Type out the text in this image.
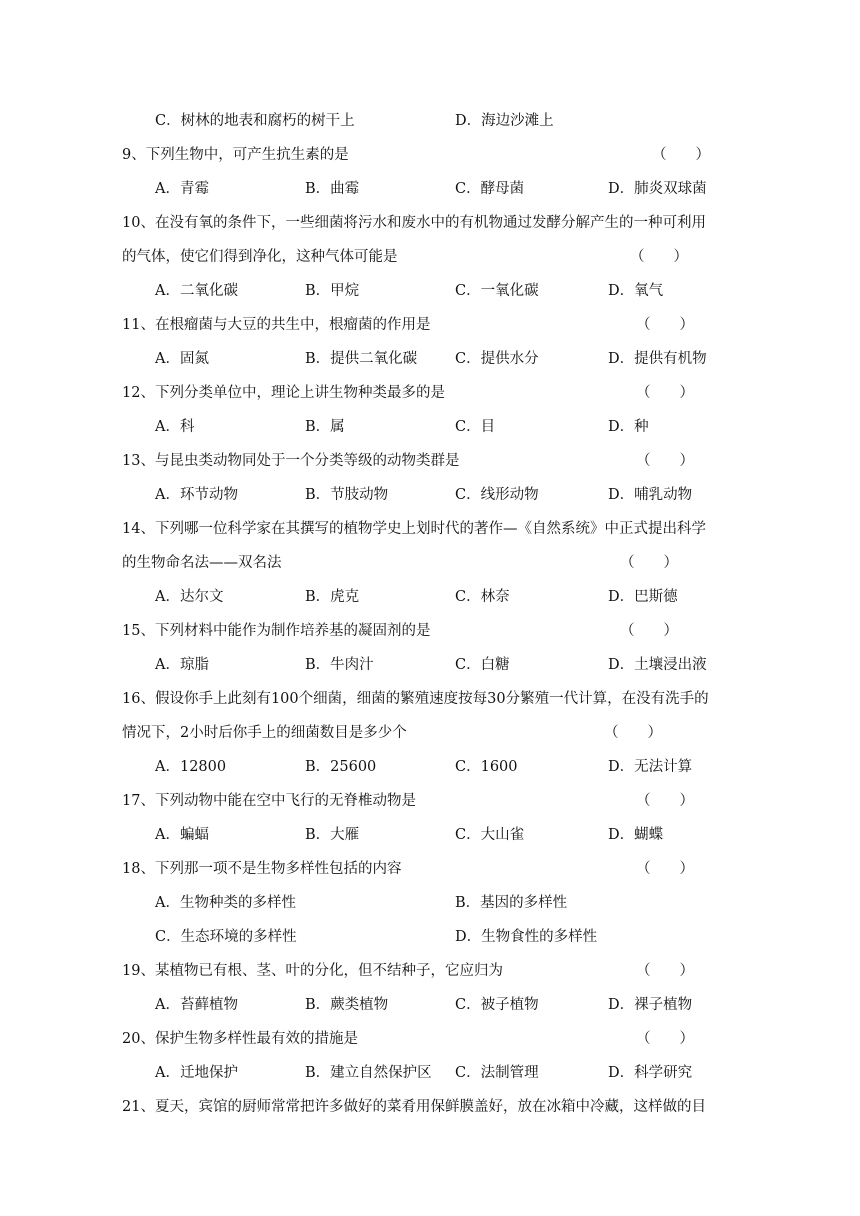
C．树林的地表和腐朽的树干上	D．海边沙滩上
9、下列生物中，可产生抗生素的是	（　　）
A．青霉	B．曲霉	C．酵母菌	D．肺炎双球菌
10、在没有氧的条件下，一些细菌将污水和废水中的有机物通过发酵分解产生的一种可利用
的气体，使它们得到净化，这种气体可能是	（　　）
A．二氧化碳	B．甲烷	C．一氧化碳	D．氧气
11、在根瘤菌与大豆的共生中，根瘤菌的作用是	（　　）
A．固氮	B．提供二氧化碳	C．提供水分	D．提供有机物
12、下列分类单位中，理论上讲生物种类最多的是	（　　）
A．科	B．属	C．目	D．种
13、与昆虫类动物同处于一个分类等级的动物类群是	（　　）
A．环节动物	B．节肢动物	C．线形动物	D．哺乳动物
14、下列哪一位科学家在其撰写的植物学史上划时代的著作—《自然系统》中正式提出科学
的生物命名法——双名法	（　　）
A．达尔文	B．虎克	C．林奈	D．巴斯德
15、下列材料中能作为制作培养基的凝固剂的是	（　　）
A．琼脂	B．牛肉汁	C．白糖	D．土壤浸出液
16、假设你手上此刻有100个细菌，细菌的繁殖速度按每30分繁殖一代计算，在没有洗手的
情况下，2小时后你手上的细菌数目是多少个	（　　）
A．12800	B．25600	C．1600	D．无法计算
17、下列动物中能在空中飞行的无脊椎动物是	（　　）
A．蝙蝠	B．大雁	C．大山雀	D．蝴蝶
18、下列那一项不是生物多样性包括的内容	（　　）
A．生物种类的多样性	B．基因的多样性
C．生态环境的多样性	D．生物食性的多样性
19、某植物已有根、茎、叶的分化，但不结种子，它应归为	（　　）
A．苔藓植物	B．蕨类植物	C．被子植物	D．裸子植物
20、保护生物多样性最有效的措施是	（　　）
A．迁地保护	B．建立自然保护区 C．法制管理	D．科学研究
21、夏天，宾馆的厨师常常把许多做好的菜肴用保鲜膜盖好，放在冰箱中冷藏，这样做的目
